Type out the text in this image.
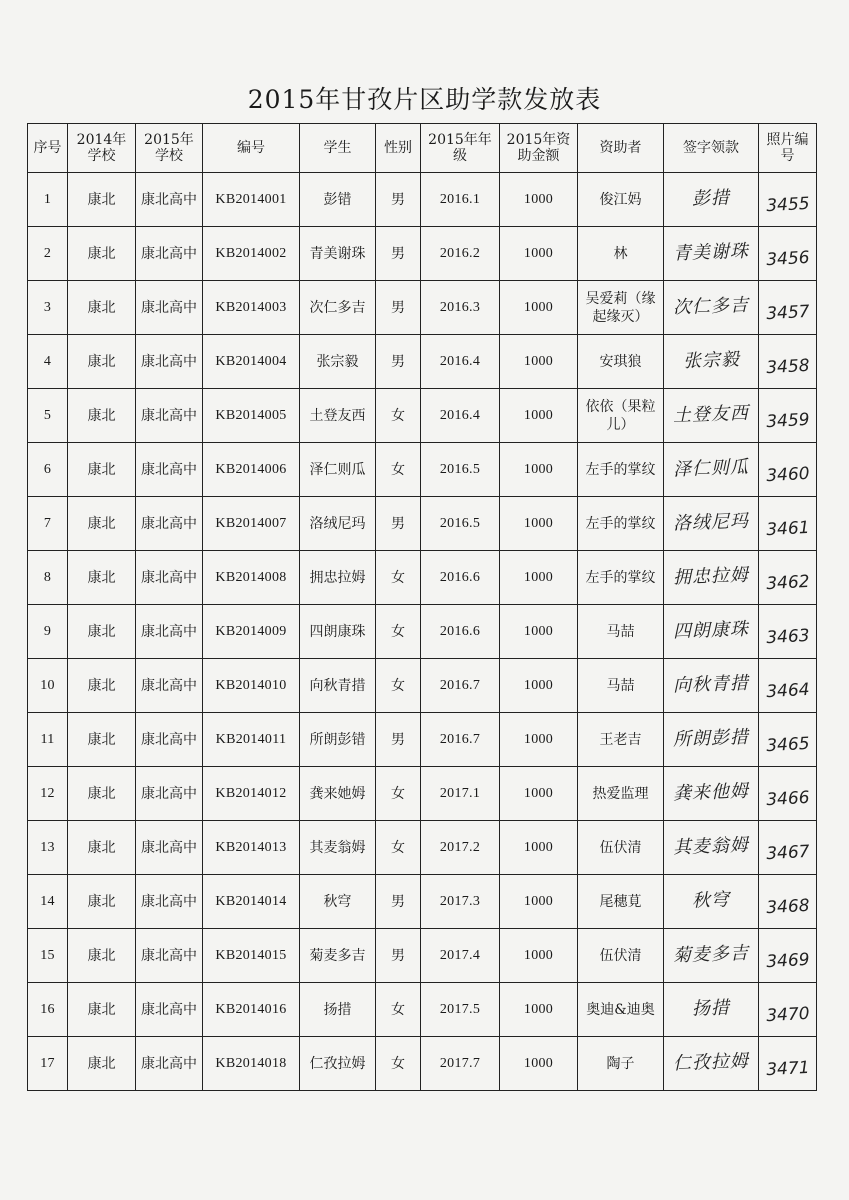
2015年甘孜片区助学款发放表
序号	2014年学校	2015年学校	编号	学生	性别	2015年年级	2015年资助金额	资助者	签字领款	照片编号
1	康北	康北高中	KB2014001	彭错	男	2016.1	1000	俊江妈	彭措	3455
2	康北	康北高中	KB2014002	青美谢珠	男	2016.2	1000	林	青美谢珠	3456
3	康北	康北高中	KB2014003	次仁多吉	男	2016.3	1000	吴爱莉（缘起缘灭）	次仁多吉	3457
4	康北	康北高中	KB2014004	张宗毅	男	2016.4	1000	安琪狼	张宗毅	3458
5	康北	康北高中	KB2014005	土登友西	女	2016.4	1000	依依（果粒儿）	土登友西	3459
6	康北	康北高中	KB2014006	泽仁则瓜	女	2016.5	1000	左手的掌纹	泽仁则瓜	3460
7	康北	康北高中	KB2014007	洛绒尼玛	男	2016.5	1000	左手的掌纹	洛绒尼玛	3461
8	康北	康北高中	KB2014008	拥忠拉姆	女	2016.6	1000	左手的掌纹	拥忠拉姆	3462
9	康北	康北高中	KB2014009	四朗康珠	女	2016.6	1000	马喆	四朗康珠	3463
10	康北	康北高中	KB2014010	向秋青措	女	2016.7	1000	马喆	向秋青措	3464
11	康北	康北高中	KB2014011	所朗彭错	男	2016.7	1000	王老吉	所朗彭措	3465
12	康北	康北高中	KB2014012	龚来她姆	女	2017.1	1000	热爱监理	龚来他姆	3466
13	康北	康北高中	KB2014013	其麦翁姆	女	2017.2	1000	伍伏清	其麦翁姆	3467
14	康北	康北高中	KB2014014	秋穹	男	2017.3	1000	尾穗莧	秋穹	3468
15	康北	康北高中	KB2014015	菊麦多吉	男	2017.4	1000	伍伏清	菊麦多吉	3469
16	康北	康北高中	KB2014016	扬措	女	2017.5	1000	奥迪&迪奥	扬措	3470
17	康北	康北高中	KB2014018	仁孜拉姆	女	2017.7	1000	陶子	仁孜拉姆	3471
